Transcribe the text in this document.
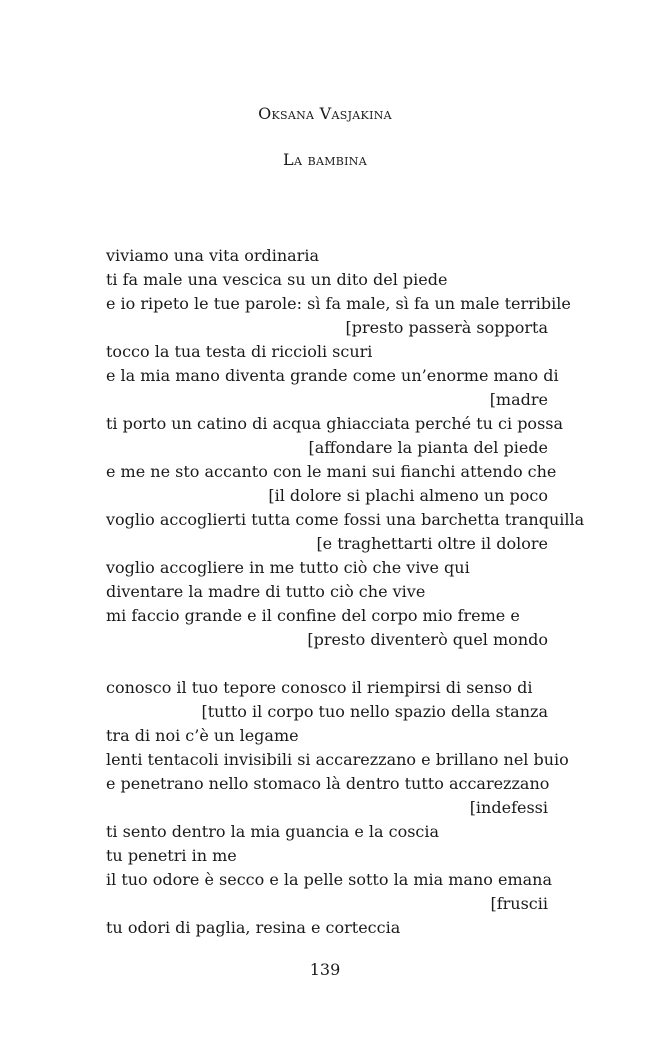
Oksana Vasjakina
La bambina
viviamo una vita ordinaria
ti fa male una vescica su un dito del piede
e io ripeto le tue parole: sì fa male, sì fa un male terribile
[presto passerà sopporta
tocco la tua testa di riccioli scuri
e la mia mano diventa grande come un’enorme mano di
[madre
ti porto un catino di acqua ghiacciata perché tu ci possa
[affondare la pianta del piede
e me ne sto accanto con le mani sui fianchi attendo che
[il dolore si plachi almeno un poco
voglio accoglierti tutta come fossi una barchetta tranquilla
[e traghettarti oltre il dolore
voglio accogliere in me tutto ciò che vive qui
diventare la madre di tutto ciò che vive
mi faccio grande e il confine del corpo mio freme e
[presto diventerò quel mondo
conosco il tuo tepore conosco il riempirsi di senso di
[tutto il corpo tuo nello spazio della stanza
tra di noi c’è un legame
lenti tentacoli invisibili si accarezzano e brillano nel buio
e penetrano nello stomaco là dentro tutto accarezzano
[indefessi
ti sento dentro la mia guancia e la coscia
tu penetri in me
il tuo odore è secco e la pelle sotto la mia mano emana
[fruscii
tu odori di paglia, resina e corteccia
139
